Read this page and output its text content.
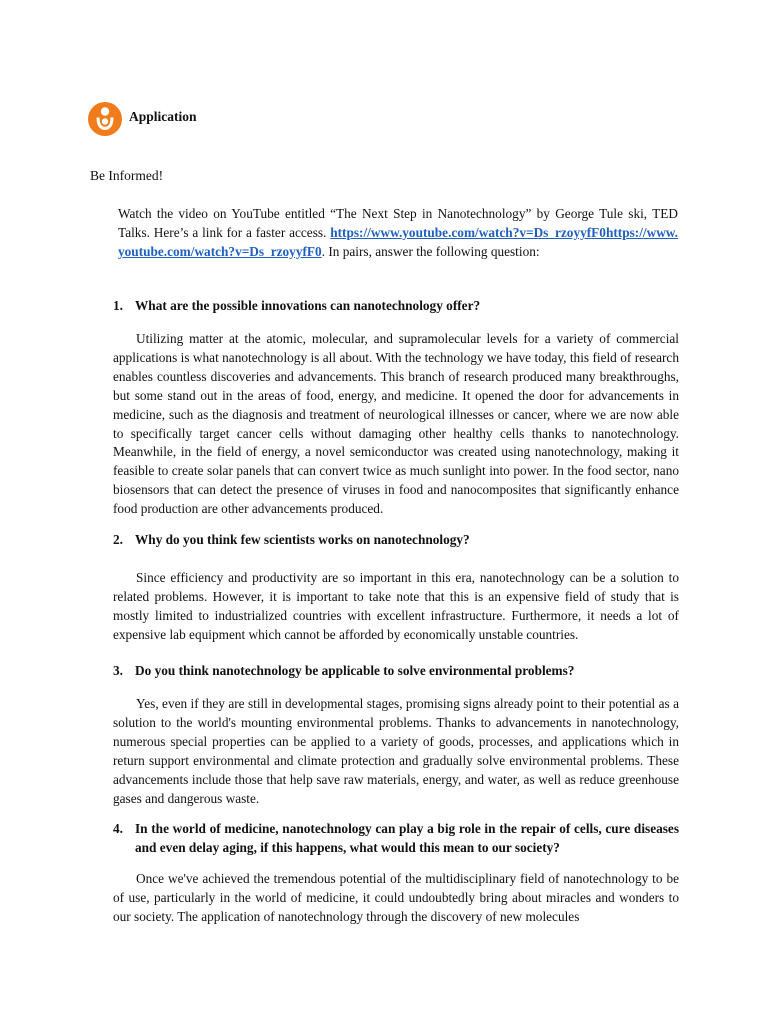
Application
Be Informed!

Watch the video on YouTube entitled “The Next Step in Nanotechnology” by George Tule ski, TED Talks. Here’s a link for a faster access. https://www.youtube.com/watch?v=Ds_rzoyyfF0https://www.youtube.com/watch?v=Ds_rzoyyfF0. In pairs, answer the following question:

1. What are the possible innovations can nanotechnology offer?

Utilizing matter at the atomic, molecular, and supramolecular levels for a variety of commercial applications is what nanotechnology is all about. With the technology we have today, this field of research enables countless discoveries and advancements. This branch of research produced many breakthroughs, but some stand out in the areas of food, energy, and medicine. It opened the door for advancements in medicine, such as the diagnosis and treatment of neurological illnesses or cancer, where we are now able to specifically target cancer cells without damaging other healthy cells thanks to nanotechnology. Meanwhile, in the field of energy, a novel semiconductor was created using nanotechnology, making it feasible to create solar panels that can convert twice as much sunlight into power. In the food sector, nano biosensors that can detect the presence of viruses in food and nanocomposites that significantly enhance food production are other advancements produced.

2. Why do you think few scientists works on nanotechnology?

Since efficiency and productivity are so important in this era, nanotechnology can be a solution to related problems. However, it is important to take note that this is an expensive field of study that is mostly limited to industrialized countries with excellent infrastructure. Furthermore, it needs a lot of expensive lab equipment which cannot be afforded by economically unstable countries.

3. Do you think nanotechnology be applicable to solve environmental problems?

Yes, even if they are still in developmental stages, promising signs already point to their potential as a solution to the world's mounting environmental problems. Thanks to advancements in nanotechnology, numerous special properties can be applied to a variety of goods, processes, and applications which in return support environmental and climate protection and gradually solve environmental problems. These advancements include those that help save raw materials, energy, and water, as well as reduce greenhouse gases and dangerous waste.

4. In the world of medicine, nanotechnology can play a big role in the repair of cells, cure diseases and even delay aging, if this happens, what would this mean to our society?

Once we've achieved the tremendous potential of the multidisciplinary field of nanotechnology to be of use, particularly in the world of medicine, it could undoubtedly bring about miracles and wonders to our society. The application of nanotechnology through the discovery of new molecules
